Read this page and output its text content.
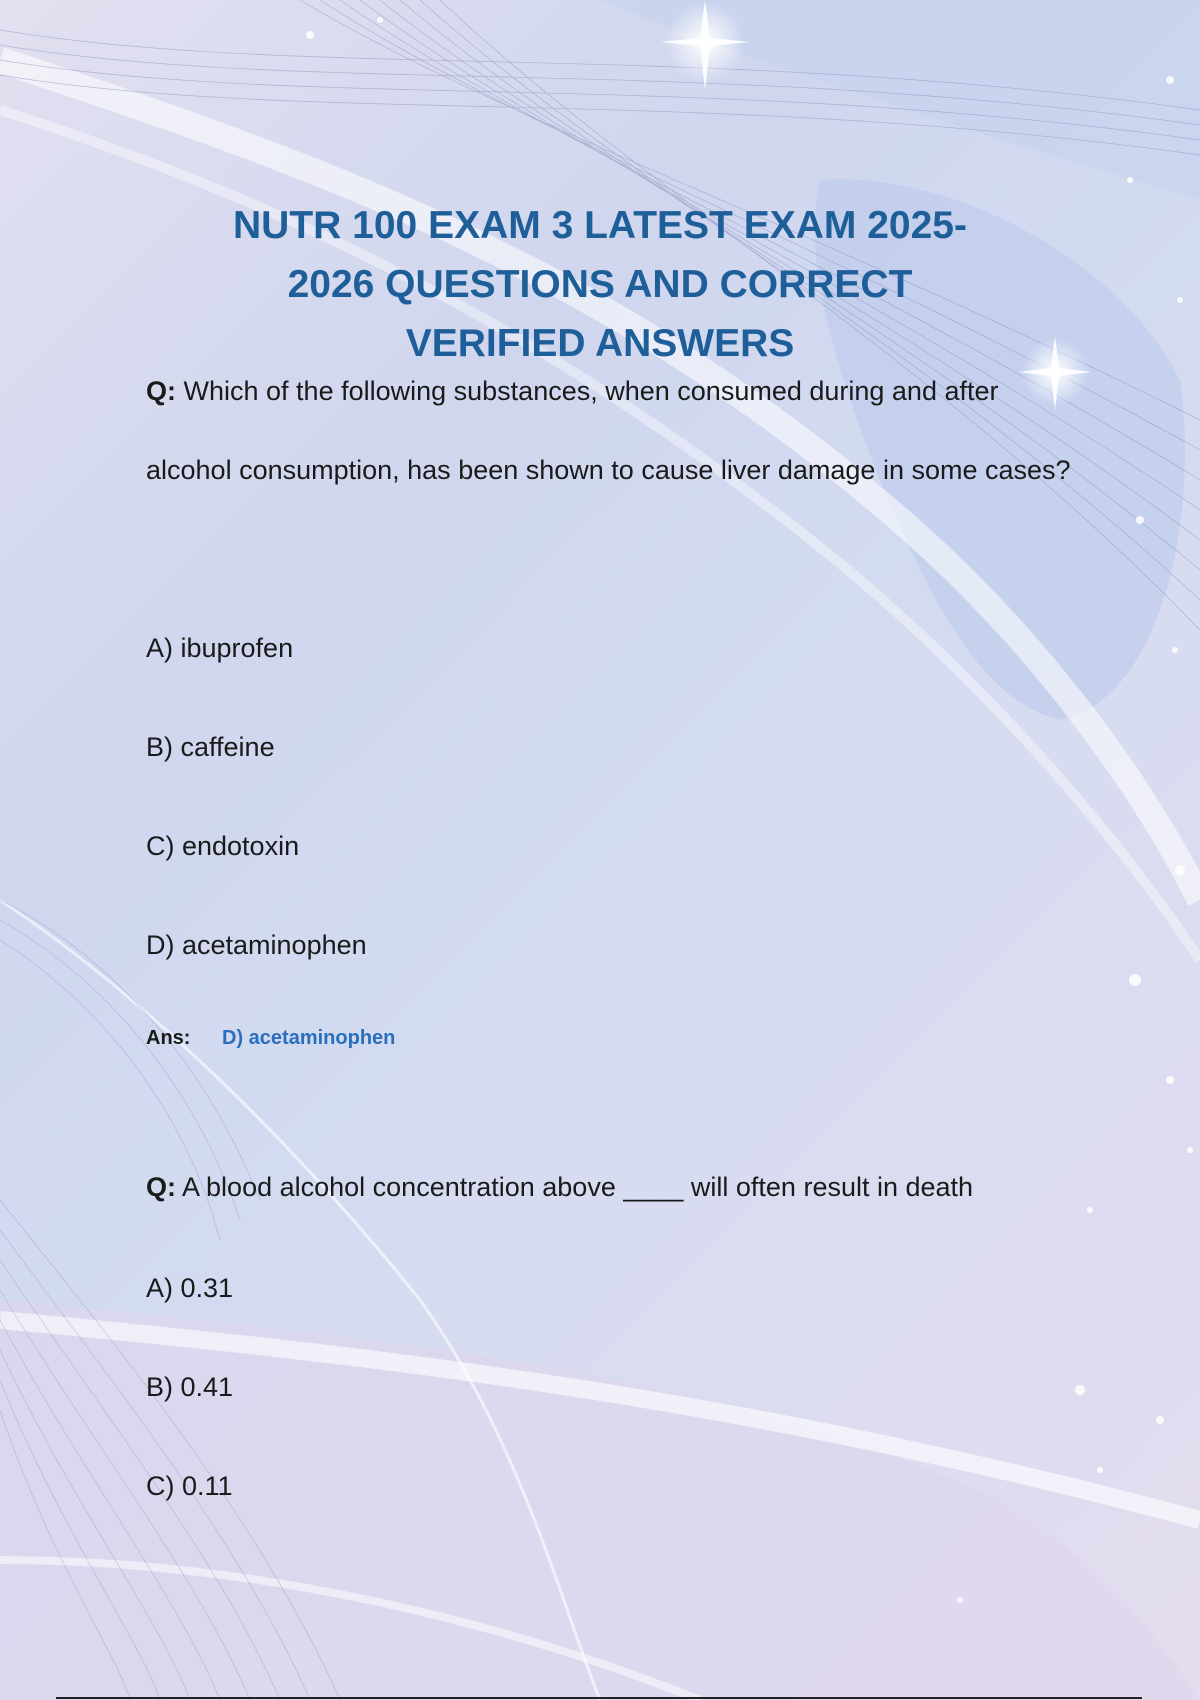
NUTR 100 EXAM 3 LATEST EXAM 2025-
2026 QUESTIONS AND CORRECT
VERIFIED ANSWERS

Q: Which of the following substances, when consumed during and after alcohol consumption, has been shown to cause liver damage in some cases?

A) ibuprofen

B) caffeine

C) endotoxin

D) acetaminophen

Ans: D) acetaminophen

Q: A blood alcohol concentration above ____ will often result in death

A) 0.31

B) 0.41

C) 0.11
